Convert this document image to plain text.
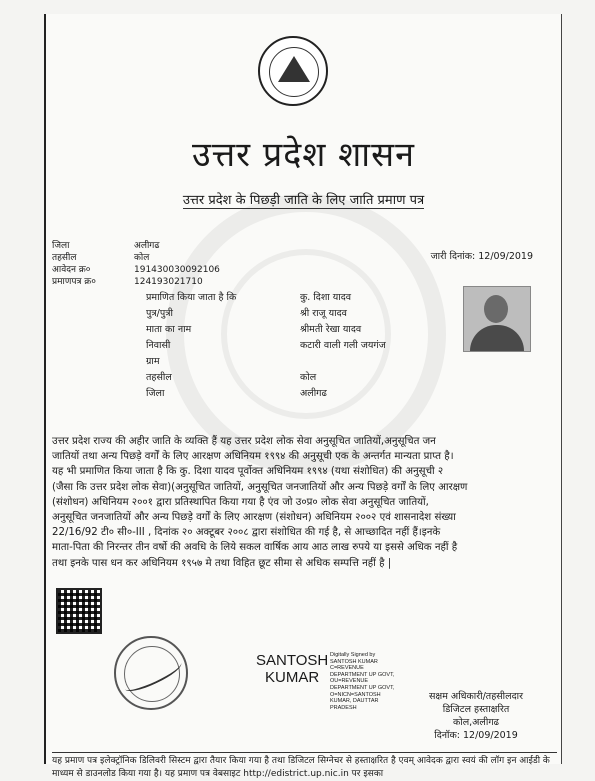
उत्तर प्रदेश शासन
उत्तर प्रदेश के पिछड़ी जाति के लिए जाति प्रमाण पत्र
जिला	अलीगढ
तहसील	कोल
आवेदन क्र०	191430030092106
प्रमाणपत्र क्र०	124193021710
जारी दिनांक: 12/09/2019
प्रमाणित किया जाता है कि	कु. दिशा यादव
पुत्र/पुत्री	श्री राजू यादव
माता का नाम	श्रीमती रेखा यादव
निवासी	कटारी वाली गली जयगंज
ग्राम
तहसील	कोल
जिला	अलीगढ
उत्तर प्रदेश राज्य की अहीर जाति के व्यक्ति हैं यह उत्तर प्रदेश लोक सेवा अनुसूचित जातियों,अनुसूचित जन
जातियों तथा अन्य पिछड़े वर्गों के लिए आरक्षण अधिनियम १९९४ की अनुसूची एक के अन्तर्गत मान्यता प्राप्त है।
यह भी प्रमाणित किया जाता है कि कु. दिशा यादव पूर्वोक्त अधिनियम १९९४ (यथा संशोधित) की अनुसूची २
(जैसा कि उत्तर प्रदेश लोक सेवा)(अनुसूचित जातियों, अनुसूचित जनजातियों और अन्य पिछड़े वर्गों के लिए आरक्षण
(संशोधन) अधिनियम २००१ द्वारा प्रतिस्थापित किया गया है एंव जो उ०प्र० लोक सेवा अनुसूचित जातियों,
अनुसूचित जनजातियों और अन्य पिछड़े वर्गों के लिए आरक्षण (संशोधन) अधिनियम २००२ एवं शासनादेश संख्या
22/16/92 टी० सी०-III , दिनांक २० अक्टूबर २००८ द्वारा संशोधित की गई है, से आच्छादित नहीं हैं।इनके
माता-पिता की निरन्तर तीन वर्षो की अवधि के लिये सकल वार्षिक आय आठ लाख रुपये या इससे अधिक नहीं है
तथा इनके पास धन कर अधिनियम १९५७ मे तथा विहित छूट सीमा से अधिक सम्पत्ति नहीं है |
SANTOSH
KUMAR
Digitally Signed by
SANTOSH KUMAR
C=REVENUE
DEPARTMENT UP GOVT,
OU=REVENUE
DEPARTMENT UP GOVT,
O=NICN=SANTOSH
KUMAR, DAUTTAR
PRADESH
सक्षम अधिकारी/तहसीलदार
डिजिटल हस्ताक्षरित
कोल,अलीगढ
दिनॉक: 12/09/2019
यह प्रमाण पत्र इलेक्ट्रॉनिक डिलिवरी सिस्टम द्वारा तैयार किया गया है तथा डिजिटल सिग्नेचर से हस्ताक्षरित है एवम् आवेदक द्वारा स्वयं की लॉग इन आईडी के माध्यम से डाउनलोड किया गया है। यह प्रमाण पत्र वेबसाइट http://edistrict.up.nic.in पर इसका
